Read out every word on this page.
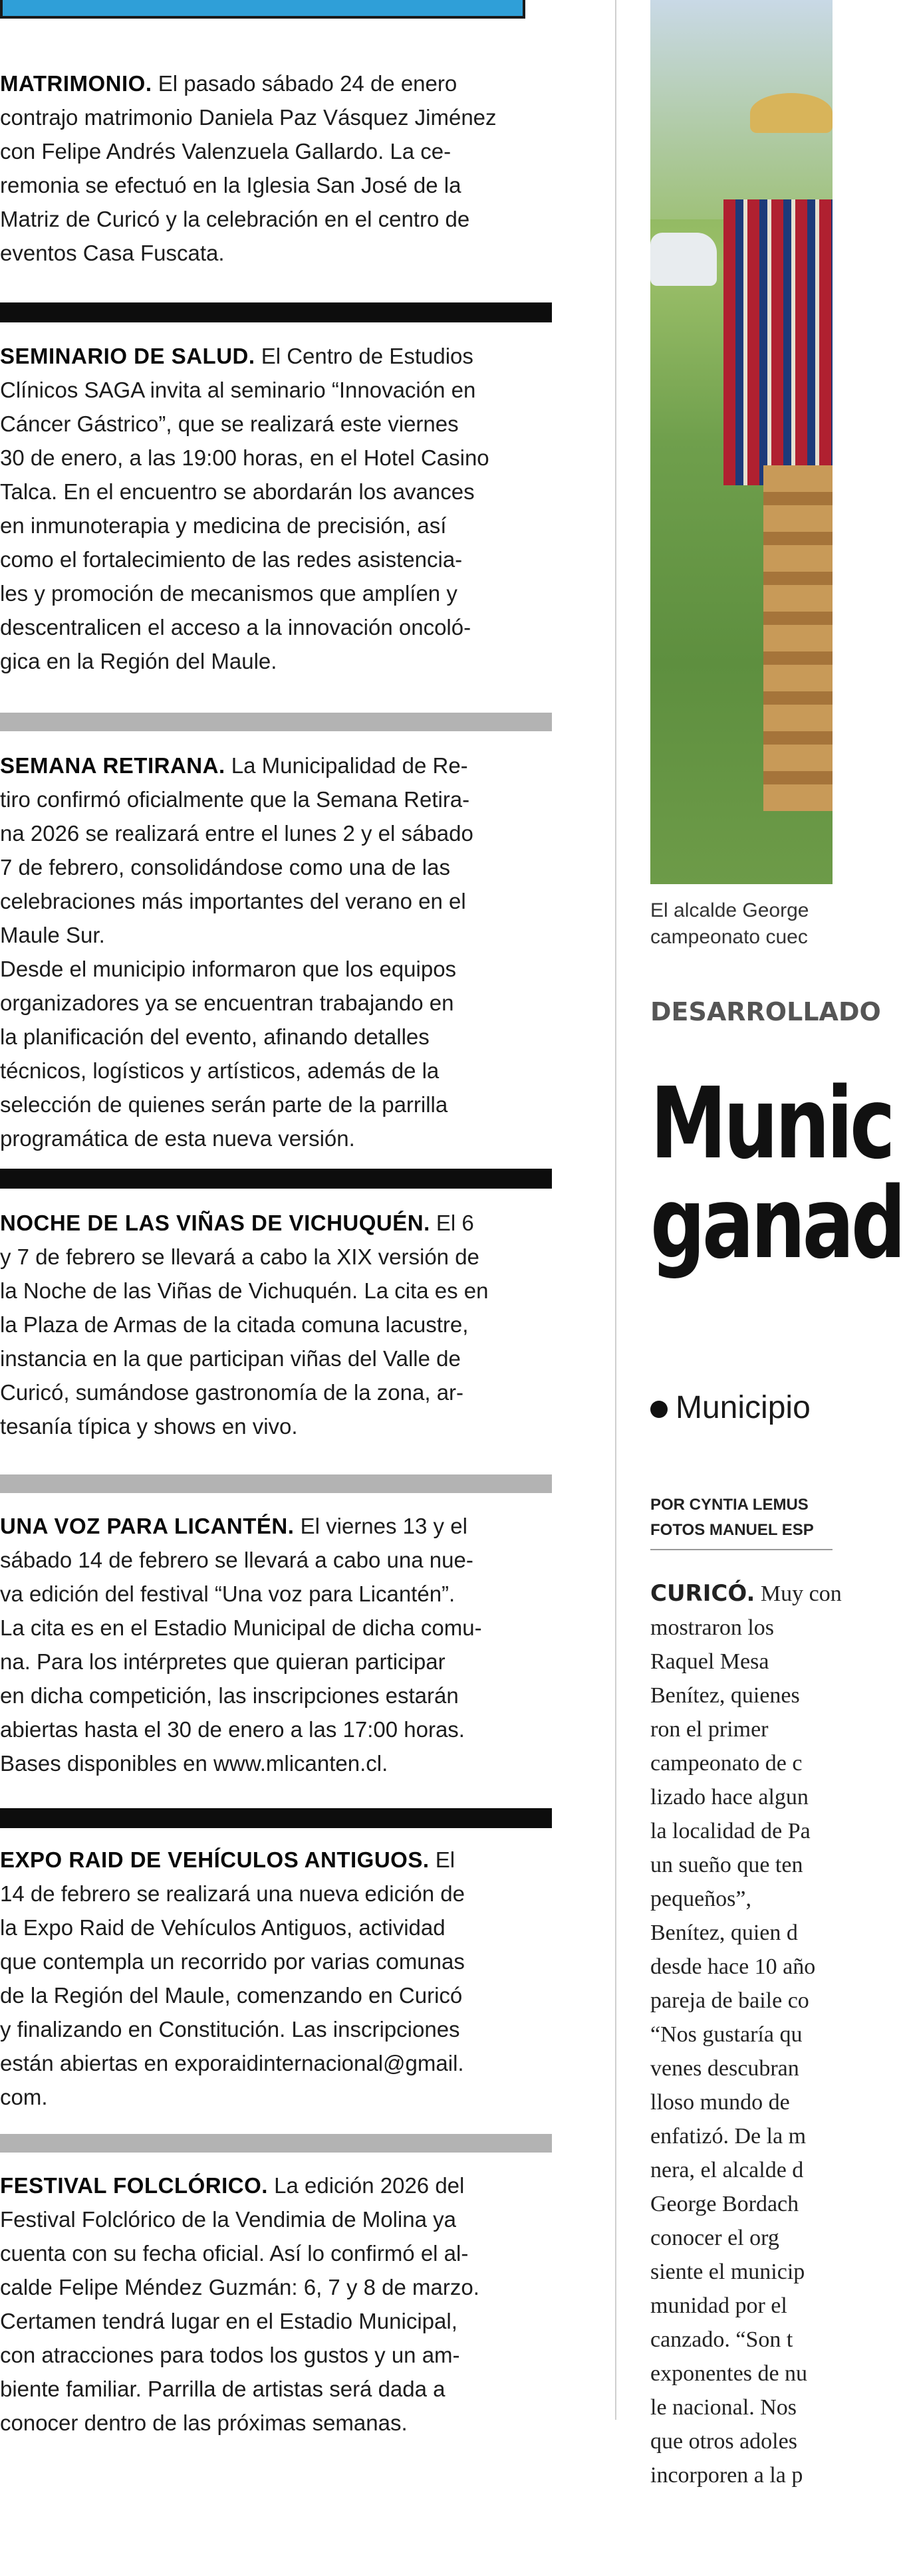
MATRIMONIO. El pasado sábado 24 de enero
contrajo matrimonio Daniela Paz Vásquez Jiménez
con Felipe Andrés Valenzuela Gallardo. La ce-
remonia se efectuó en la Iglesia San José de la
Matriz de Curicó y la celebración en el centro de
eventos Casa Fuscata.

SEMINARIO DE SALUD. El Centro de Estudios
Clínicos SAGA invita al seminario “Innovación en
Cáncer Gástrico”, que se realizará este viernes
30 de enero, a las 19:00 horas, en el Hotel Casino
Talca. En el encuentro se abordarán los avances
en inmunoterapia y medicina de precisión, así
como el fortalecimiento de las redes asistencia-
les y promoción de mecanismos que amplíen y
descentralicen el acceso a la innovación oncoló-
gica en la Región del Maule.

SEMANA RETIRANA. La Municipalidad de Re-
tiro confirmó oficialmente que la Semana Retira-
na 2026 se realizará entre el lunes 2 y el sábado
7 de febrero, consolidándose como una de las
celebraciones más importantes del verano en el
Maule Sur.
Desde el municipio informaron que los equipos
organizadores ya se encuentran trabajando en
la planificación del evento, afinando detalles
técnicos, logísticos y artísticos, además de la
selección de quienes serán parte de la parrilla
programática de esta nueva versión.

NOCHE DE LAS VIÑAS DE VICHUQUÉN. El 6
y 7 de febrero se llevará a cabo la XIX versión de
la Noche de las Viñas de Vichuquén. La cita es en
la Plaza de Armas de la citada comuna lacustre,
instancia en la que participan viñas del Valle de
Curicó, sumándose gastronomía de la zona, ar-
tesanía típica y shows en vivo.

UNA VOZ PARA LICANTÉN. El viernes 13 y el
sábado 14 de febrero se llevará a cabo una nue-
va edición del festival “Una voz para Licantén”.
La cita es en el Estadio Municipal de dicha comu-
na. Para los intérpretes que quieran participar
en dicha competición, las inscripciones estarán
abiertas hasta el 30 de enero a las 17:00 horas.
Bases disponibles en www.mlicanten.cl.

EXPO RAID DE VEHÍCULOS ANTIGUOS. El
14 de febrero se realizará una nueva edición de
la Expo Raid de Vehículos Antiguos, actividad
que contempla un recorrido por varias comunas
de la Región del Maule, comenzando en Curicó
y finalizando en Constitución. Las inscripciones
están abiertas en exporaidinternacional@gmail.
com.

FESTIVAL FOLCLÓRICO. La edición 2026 del
Festival Folclórico de la Vendimia de Molina ya
cuenta con su fecha oficial. Así lo confirmó el al-
calde Felipe Méndez Guzmán: 6, 7 y 8 de marzo.
Certamen tendrá lugar en el Estadio Municipal,
con atracciones para todos los gustos y un am-
biente familiar. Parrilla de artistas será dada a
conocer dentro de las próximas semanas.

El alcalde George
campeonato cuec
DESARROLLADO
Munic
ganad
Municipio
POR CYNTIA LEMUS
FOTOS MANUEL ESP
CURICÓ. Muy con
mostraron los
Raquel Mesa
Benítez, quienes
ron el primer
campeonato de c
lizado hace algun
la localidad de Pa
un sueño que ten
pequeños”,
Benítez, quien d
desde hace 10 año
pareja de baile co
“Nos gustaría qu
venes descubran
lloso mundo de
enfatizó. De la m
nera, el alcalde d
George Bordach
conocer el org
siente el municip
munidad por el
canzado. “Son t
exponentes de nu
le nacional. Nos
que otros adoles
incorporen a la p
